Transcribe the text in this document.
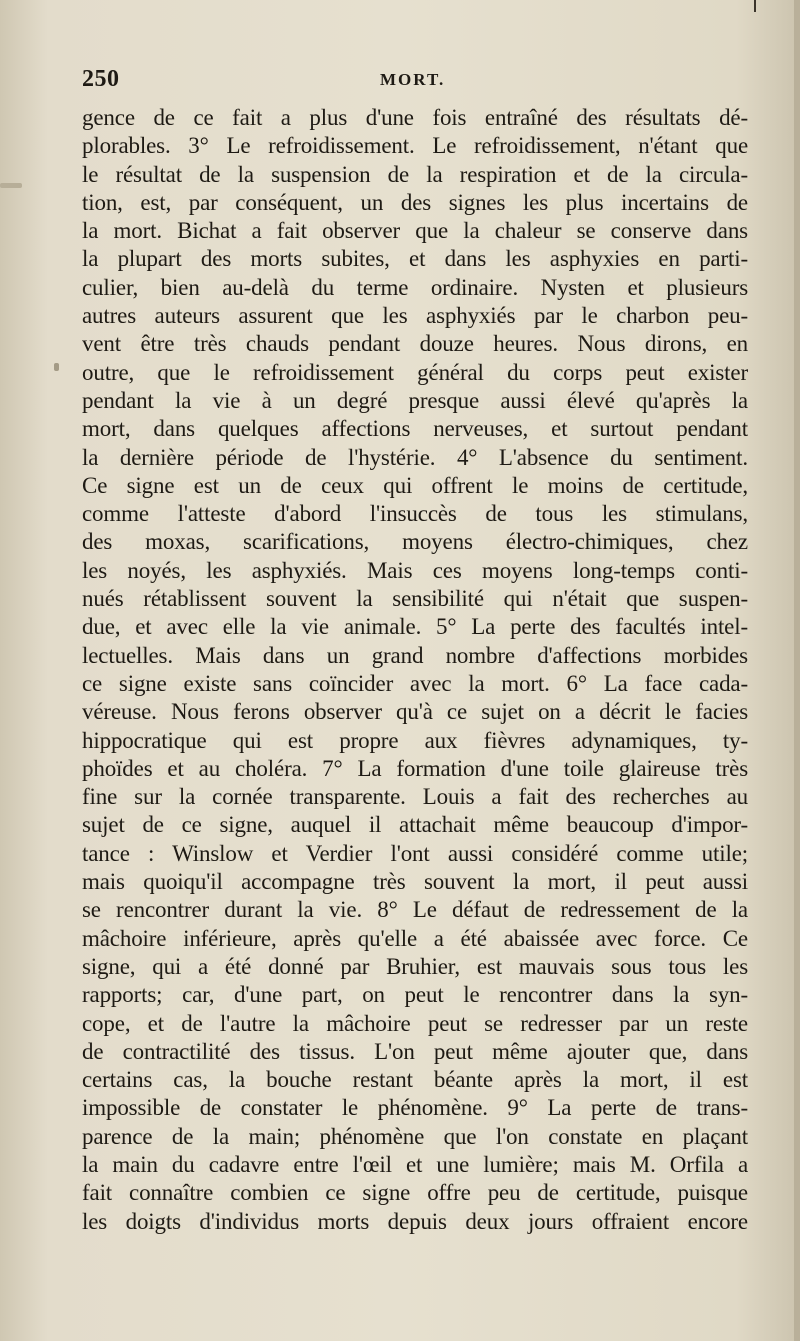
250	MORT.
gence de ce fait a plus d'une fois entraîné des résultats dé-
plorables. 3° Le refroidissement. Le refroidissement, n'étant que
le résultat de la suspension de la respiration et de la circula-
tion, est, par conséquent, un des signes les plus incertains de
la mort. Bichat a fait observer que la chaleur se conserve dans
la plupart des morts subites, et dans les asphyxies en parti-
culier, bien au-delà du terme ordinaire. Nysten et plusieurs
autres auteurs assurent que les asphyxiés par le charbon peu-
vent être très chauds pendant douze heures. Nous dirons, en
outre, que le refroidissement général du corps peut exister
pendant la vie à un degré presque aussi élevé qu'après la
mort, dans quelques affections nerveuses, et surtout pendant
la dernière période de l'hystérie. 4° L'absence du sentiment.
Ce signe est un de ceux qui offrent le moins de certitude,
comme l'atteste d'abord l'insuccès de tous les stimulans,
des moxas, scarifications, moyens électro-chimiques, chez
les noyés, les asphyxiés. Mais ces moyens long-temps conti-
nués rétablissent souvent la sensibilité qui n'était que suspen-
due, et avec elle la vie animale. 5° La perte des facultés intel-
lectuelles. Mais dans un grand nombre d'affections morbides
ce signe existe sans coïncider avec la mort. 6° La face cada-
véreuse. Nous ferons observer qu'à ce sujet on a décrit le facies
hippocratique qui est propre aux fièvres adynamiques, ty-
phoïdes et au choléra. 7° La formation d'une toile glaireuse très
fine sur la cornée transparente. Louis a fait des recherches au
sujet de ce signe, auquel il attachait même beaucoup d'impor-
tance : Winslow et Verdier l'ont aussi considéré comme utile;
mais quoiqu'il accompagne très souvent la mort, il peut aussi
se rencontrer durant la vie. 8° Le défaut de redressement de la
mâchoire inférieure, après qu'elle a été abaissée avec force. Ce
signe, qui a été donné par Bruhier, est mauvais sous tous les
rapports; car, d'une part, on peut le rencontrer dans la syn-
cope, et de l'autre la mâchoire peut se redresser par un reste
de contractilité des tissus. L'on peut même ajouter que, dans
certains cas, la bouche restant béante après la mort, il est
impossible de constater le phénomène. 9° La perte de trans-
parence de la main; phénomène que l'on constate en plaçant
la main du cadavre entre l'œil et une lumière; mais M. Orfila a
fait connaître combien ce signe offre peu de certitude, puisque
les doigts d'individus morts depuis deux jours offraient encore
